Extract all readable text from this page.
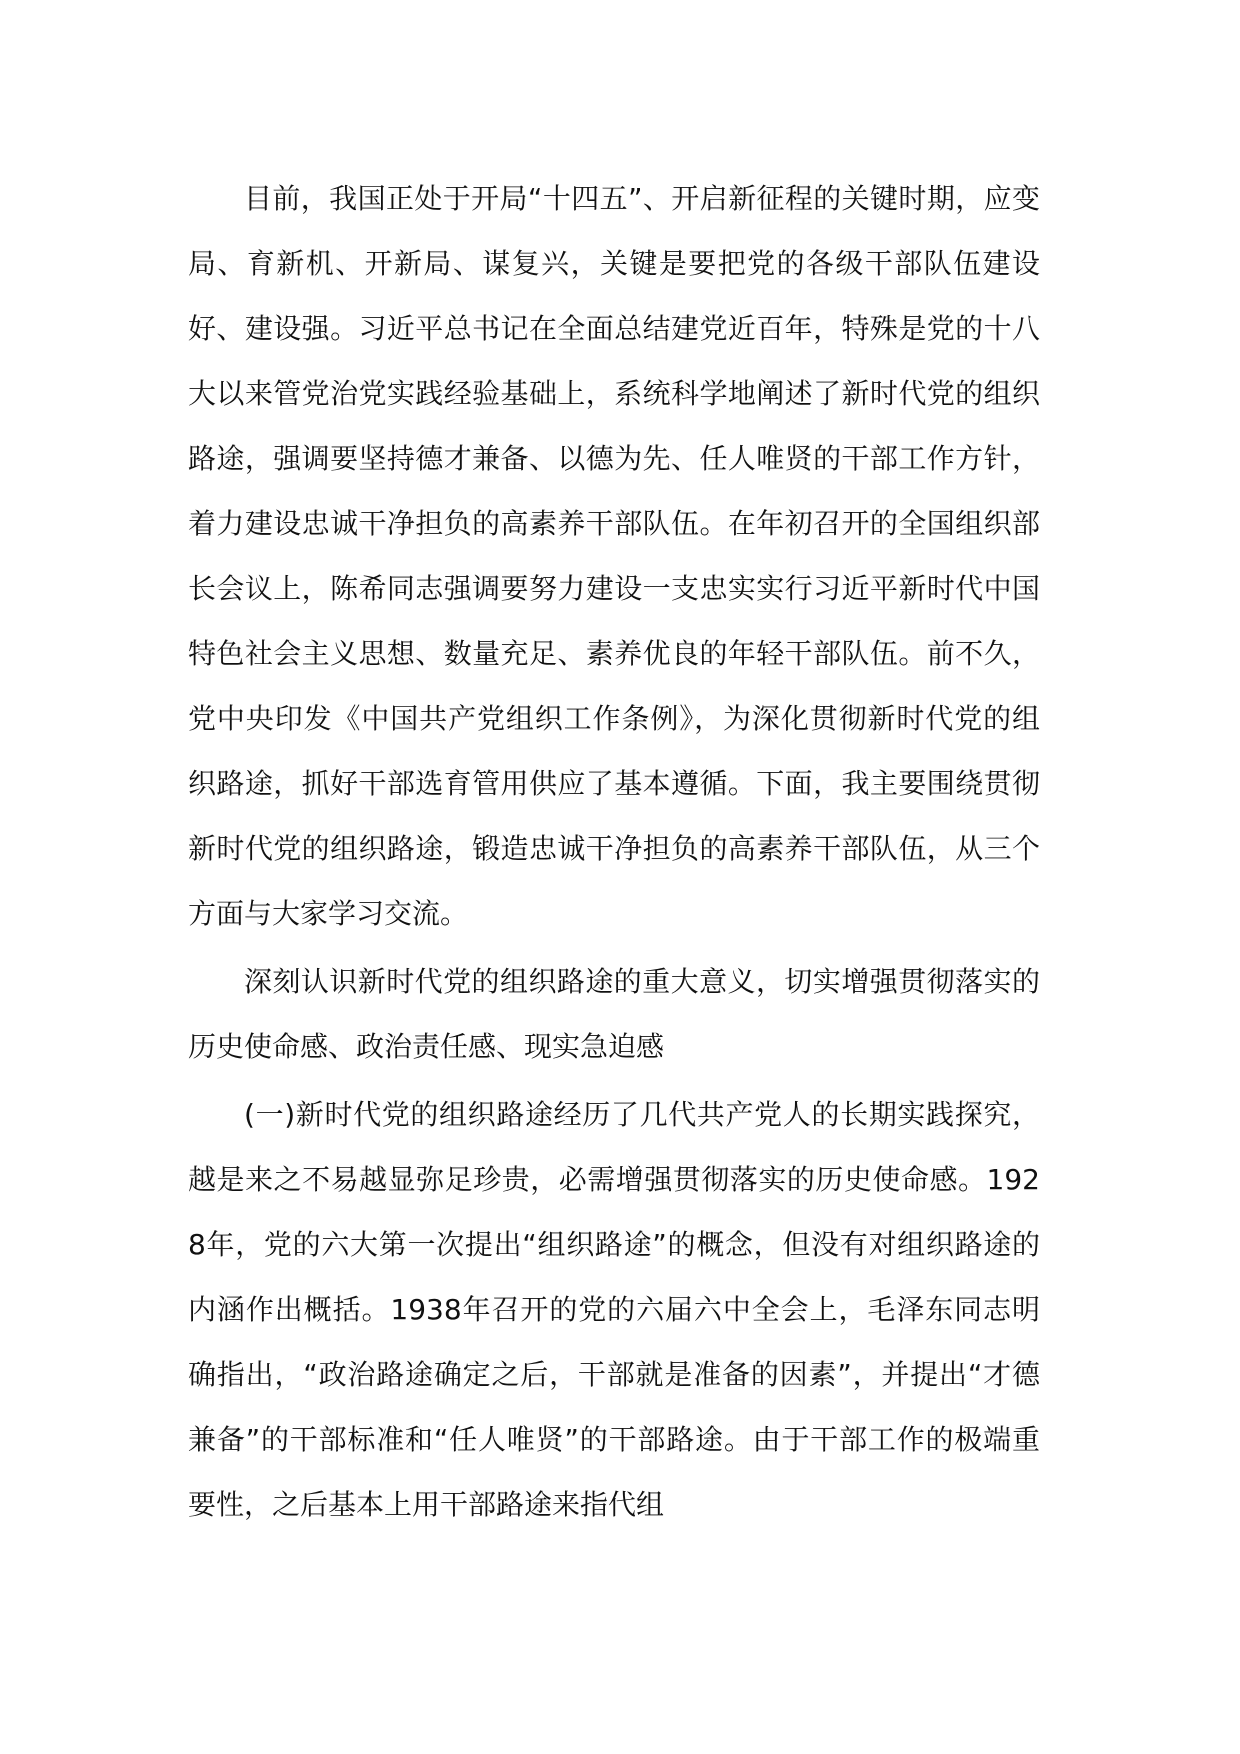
目前，我国正处于开局“十四五”、开启新征程的关键时期，应变局、育新机、开新局、谋复兴，关键是要把党的各级干部队伍建设好、建设强。习近平总书记在全面总结建党近百年，特殊是党的十八大以来管党治党实践经验基础上，系统科学地阐述了新时代党的组织路途，强调要坚持德才兼备、以德为先、任人唯贤的干部工作方针，着力建设忠诚干净担负的高素养干部队伍。在年初召开的全国组织部长会议上，陈希同志强调要努力建设一支忠实实行习近平新时代中国特色社会主义思想、数量充足、素养优良的年轻干部队伍。前不久，党中央印发《中国共产党组织工作条例》，为深化贯彻新时代党的组织路途，抓好干部选育管用供应了基本遵循。下面，我主要围绕贯彻新时代党的组织路途，锻造忠诚干净担负的高素养干部队伍，从三个方面与大家学习交流。

深刻认识新时代党的组织路途的重大意义，切实增强贯彻落实的历史使命感、政治责任感、现实急迫感

(一)新时代党的组织路途经历了几代共产党人的长期实践探究，越是来之不易越显弥足珍贵，必需增强贯彻落实的历史使命感。1928年，党的六大第一次提出“组织路途”的概念，但没有对组织路途的内涵作出概括。1938年召开的党的六届六中全会上，毛泽东同志明确指出，“政治路途确定之后，干部就是准备的因素”，并提出“才德兼备”的干部标准和“任人唯贤”的干部路途。由于干部工作的极端重要性，之后基本上用干部路途来指代组
